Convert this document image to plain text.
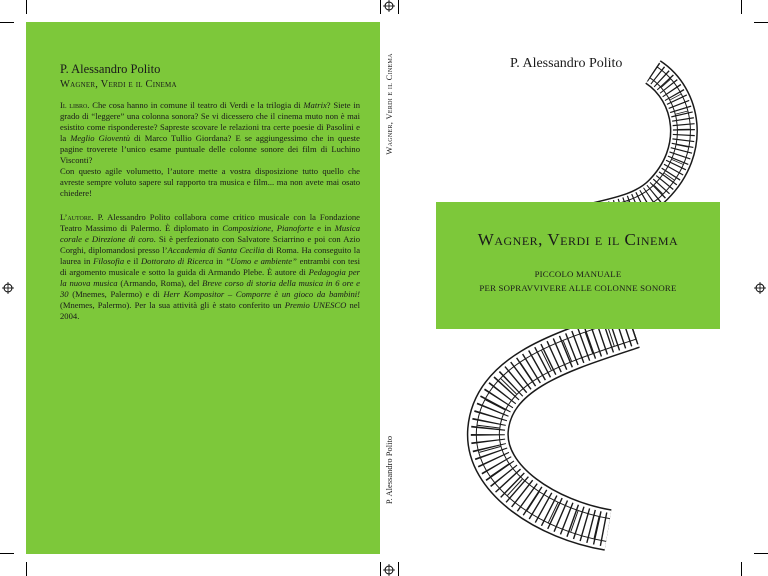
P. Alessandro Polito
Wagner, Verdi e il Cinema
Il libro. Che cosa hanno in comune il teatro di Verdi e la trilogia di Matrix? Siete in grado di “leggere” una colonna sonora? Se vi dicessero che il cinema muto non è mai esistito come rispondereste? Sapreste scovare le relazioni tra certe poesie di Pasolini e la Meglio Gioventù di Marco Tullio Giordana? E se aggiungessimo che in queste pagine troverete l’unico esame puntuale delle colonne sonore dei film di Luchino Visconti?
Con questo agile volumetto, l’autore mette a vostra disposizione tutto quello che avreste sempre voluto sapere sul rapporto tra musica e film... ma non avete mai osato chiedere!
L’autore. P. Alessandro Polito collabora come critico musicale con la Fondazione Teatro Massimo di Palermo. È diplomato in Composizione, Pianoforte e in Musica corale e Direzione di coro. Si è perfezionato con Salvatore Sciarrino e poi con Azio Corghi, diplomandosi presso l’Accademia di Santa Cecilia di Roma. Ha conseguito la laurea in Filosofia e il Dottorato di Ricerca in “Uomo e ambiente” entrambi con tesi di argomento musicale e sotto la guida di Armando Plebe. È autore di Pedagogia per la nuova musica (Armando, Roma), del Breve corso di storia della musica in 6 ore e 30 (Mnemes, Palermo) e di Herr Kompositor – Comporre è un gioco da bambini! (Mnemes, Palermo). Per la sua attività gli è stato conferito un Premio UNESCO nel 2004.
Wagner, Verdi e il Cinema
P. Alessandro Polito
P. Alessandro Polito
Wagner, Verdi e il Cinema
PICCOLO MANUALE
PER SOPRAVVIVERE ALLE COLONNE SONORE
